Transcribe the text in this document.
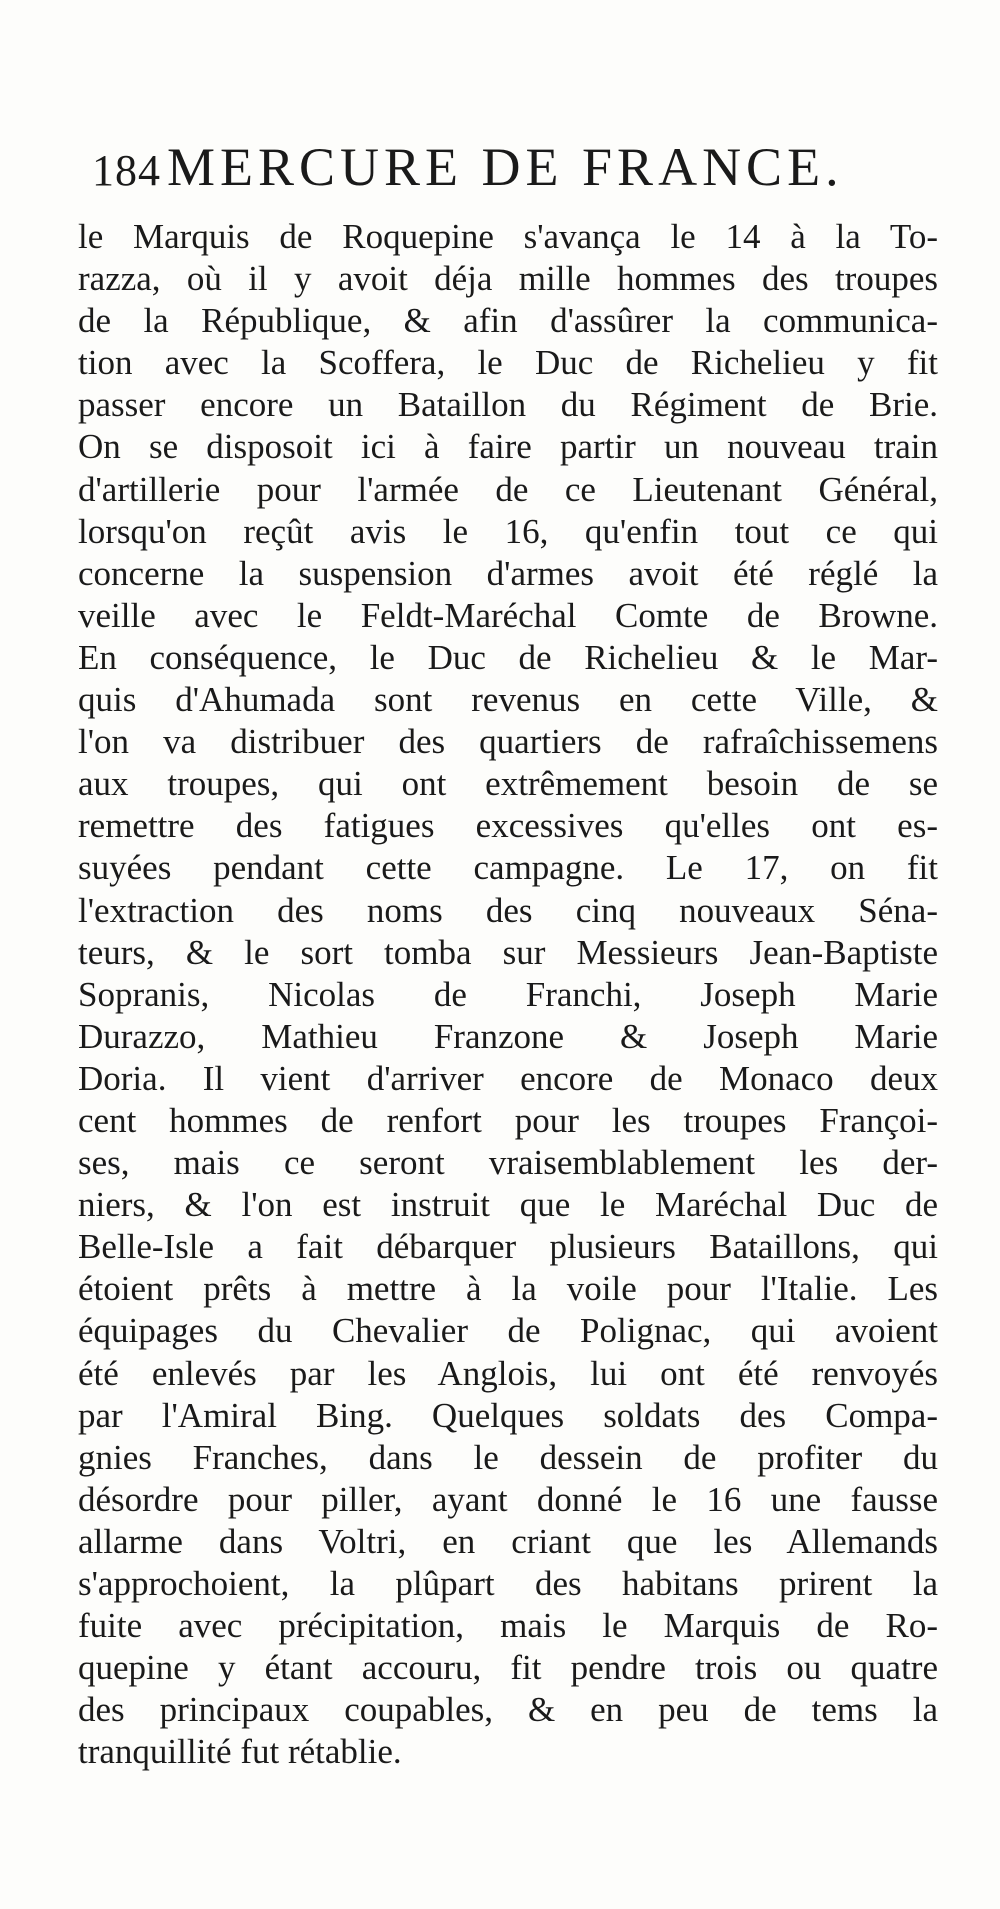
184 MERCURE DE FRANCE.
le Marquis de Roquepine s'avança le 14 à la To-
razza, où il y avoit déja mille hommes des troupes
de la République, & afin d'assûrer la communica-
tion avec la Scoffera, le Duc de Richelieu y fit
passer encore un Bataillon du Régiment de Brie.
On se disposoit ici à faire partir un nouveau train
d'artillerie pour l'armée de ce Lieutenant Général,
lorsqu'on reçût avis le 16, qu'enfin tout ce qui
concerne la suspension d'armes avoit été réglé la
veille avec le Feldt-Maréchal Comte de Browne.
En conséquence, le Duc de Richelieu & le Mar-
quis d'Ahumada sont revenus en cette Ville, &
l'on va distribuer des quartiers de rafraîchissemens
aux troupes, qui ont extrêmement besoin de se
remettre des fatigues excessives qu'elles ont es-
suyées pendant cette campagne. Le 17, on fit
l'extraction des noms des cinq nouveaux Séna-
teurs, & le sort tomba sur Messieurs Jean-Baptiste
Sopranis, Nicolas de Franchi, Joseph Marie
Durazzo, Mathieu Franzone & Joseph Marie
Doria. Il vient d'arriver encore de Monaco deux
cent hommes de renfort pour les troupes Françoi-
ses, mais ce seront vraisemblablement les der-
niers, & l'on est instruit que le Maréchal Duc de
Belle-Isle a fait débarquer plusieurs Bataillons, qui
étoient prêts à mettre à la voile pour l'Italie. Les
équipages du Chevalier de Polignac, qui avoient
été enlevés par les Anglois, lui ont été renvoyés
par l'Amiral Bing. Quelques soldats des Compa-
gnies Franches, dans le dessein de profiter du
désordre pour piller, ayant donné le 16 une fausse
allarme dans Voltri, en criant que les Allemands
s'approchoient, la plûpart des habitans prirent la
fuite avec précipitation, mais le Marquis de Ro-
quepine y étant accouru, fit pendre trois ou quatre
des principaux coupables, & en peu de tems la
tranquillité fut rétablie.
